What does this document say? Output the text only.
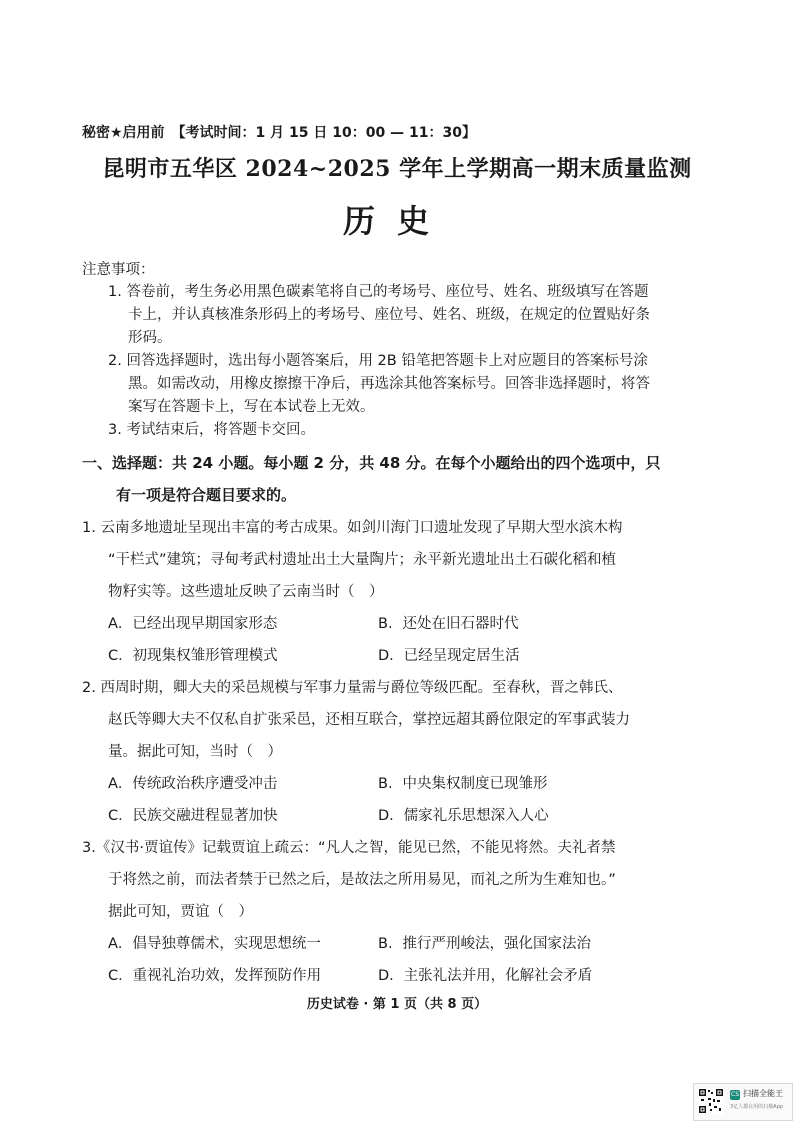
秘密★启用前　【考试时间：1 月 15 日 10：00 — 11：30】
昆明市五华区 2024~2025 学年上学期高一期末质量监测
历史
注意事项：
1. 答卷前，考生务必用黑色碳素笔将自己的考场号、座位号、姓名、班级填写在答题
卡上，并认真核准条形码上的考场号、座位号、姓名、班级，在规定的位置贴好条
形码。
2. 回答选择题时，选出每小题答案后，用 2B 铅笔把答题卡上对应题目的答案标号涂
黑。如需改动，用橡皮擦擦干净后，再选涂其他答案标号。回答非选择题时，将答
案写在答题卡上，写在本试卷上无效。
3. 考试结束后，将答题卡交回。
一、选择题：共 24 小题。每小题 2 分，共 48 分。在每个小题给出的四个选项中，只
有一项是符合题目要求的。
1. 云南多地遗址呈现出丰富的考古成果。如剑川海门口遗址发现了早期大型水滨木构
“干栏式”建筑；寻甸考武村遗址出土大量陶片；永平新光遗址出土石碳化稻和植
物籽实等。这些遗址反映了云南当时（　）
A．已经出现早期国家形态	B．还处在旧石器时代
C．初现集权雏形管理模式	D．已经呈现定居生活
2. 西周时期，卿大夫的采邑规模与军事力量需与爵位等级匹配。至春秋，晋之韩氏、
赵氏等卿大夫不仅私自扩张采邑，还相互联合，掌控远超其爵位限定的军事武装力
量。据此可知，当时（　）
A．传统政治秩序遭受冲击	B．中央集权制度已现雏形
C．民族交融进程显著加快	D．儒家礼乐思想深入人心
3.《汉书·贾谊传》记载贾谊上疏云：“凡人之智，能见已然，不能见将然。夫礼者禁
于将然之前，而法者禁于已然之后，是故法之所用易见，而礼之所为生难知也。”
据此可知，贾谊（　）
A．倡导独尊儒术，实现思想统一	B．推行严刑峻法，强化国家法治
C．重视礼治功效，发挥预防作用	D．主张礼法并用，化解社会矛盾
历史试卷 · 第 1 页（共 8 页）
CS 扫描全能王
3亿人都在用的扫描App
